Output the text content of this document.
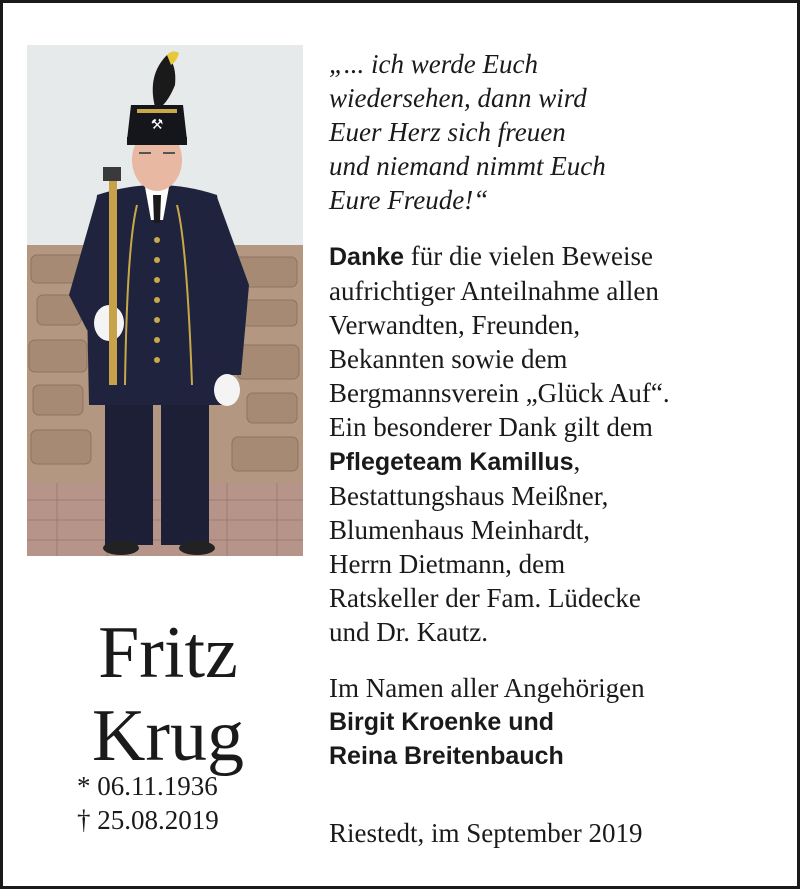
⚒
Fritz
Krug
* 06.11.1936
† 25.08.2019
„... ich werde Euch
wiedersehen, dann wird
Euer Herz sich freuen
und niemand nimmt Euch
Eure Freude!“
Danke für die vielen Beweise
aufrichtiger Anteilnahme allen
Verwandten, Freunden,
Bekannten sowie dem
Bergmannsverein „Glück Auf“.
Ein besonderer Dank gilt dem
Pflegeteam Kamillus,
Bestattungshaus Meißner,
Blumenhaus Meinhardt,
Herrn Dietmann, dem
Ratskeller der Fam. Lüdecke
und Dr. Kautz.
Im Namen aller Angehörigen
Birgit Kroenke und
Reina Breitenbauch
Riestedt, im September 2019
